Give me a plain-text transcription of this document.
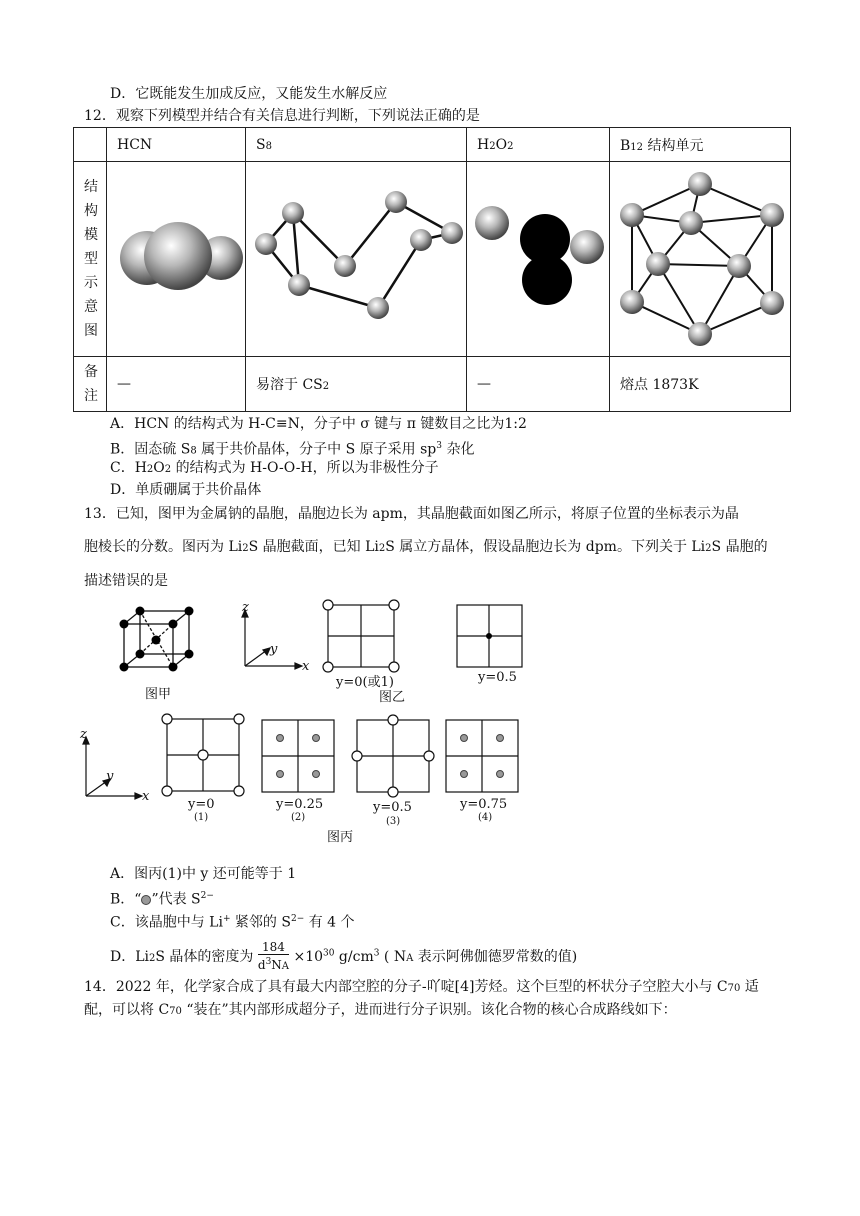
D．它既能发生加成反应，又能发生水解反应
12．观察下列模型并结合有关信息进行判断，下列说法正确的是
	HCN	S8	H2O2	B12 结构单元

结构模型示意图

备注	—	易溶于 CS2	—	熔点 1873K
A．HCN 的结构式为 H-C≡N，分子中 σ 键与 π 键数目之比为1:2
B．固态硫 S8 属于共价晶体，分子中 S 原子采用 $sp^3$ 杂化
C．H2O2 的结构式为 H-O-O-H，所以为非极性分子
D．单质硼属于共价晶体
13．已知，图甲为金属钠的晶胞，晶胞边长为 apm，其晶胞截面如图乙所示，将原子位置的坐标表示为晶
胞棱长的分数。图丙为 Li2S 晶胞截面，已知 Li2S 属立方晶体，假设晶胞边长为 dpm。下列关于 Li2S 晶胞的
描述错误的是
图甲
z
y
x
y=0(或1)
图乙
y=0.5
z
y
x
y=0
(1)
y=0.25
(2)
y=0.5
(3)
y=0.75
(4)
图丙
A．图丙(1)中 y 还可能等于 1
B．“ ”代表 $S^{2-}$
C．该晶胞中与 Li+ 紧邻的 $S^{2-}$ 有 4 个
D．Li2S 晶体的密度为 $\frac{184}{d^3NA} \times 10^{30}$ $g/cm^3$ ( NA 表示阿佛伽德罗常数的值)
14．2022 年，化学家合成了具有最大内部空腔的分子-吖啶[4]芳烃。这个巨型的杯状分子空腔大小与 C70 适
配，可以将 C70 “装在”其内部形成超分子，进而进行分子识别。该化合物的核心合成路线如下：
